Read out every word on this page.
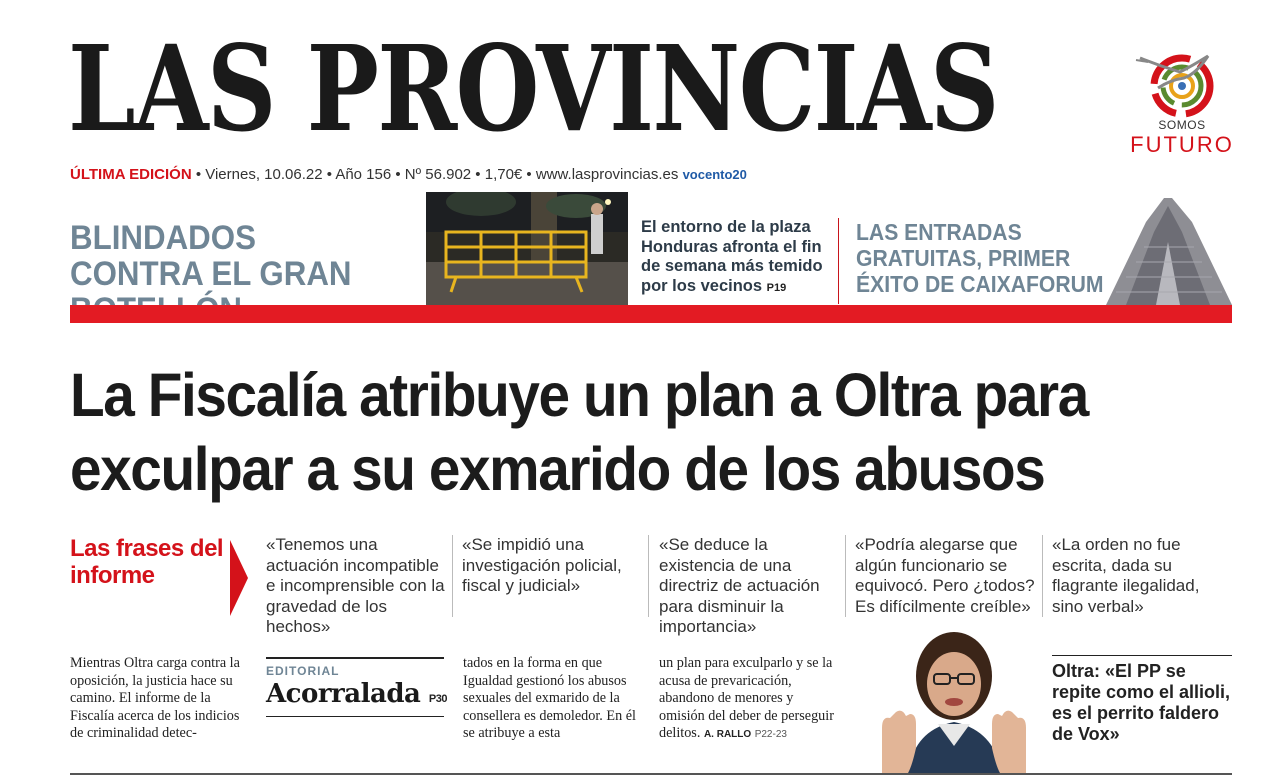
LAS PROVINCIAS
ÚLTIMA EDICIÓN • Viernes, 10.06.22 • Año 156 • Nº 56.902 • 1,70€ • www.lasprovincias.es vocento20
SOMOS
FUTURO
BLINDADOS CONTRA EL GRAN
El entorno de la plaza Honduras afronta el fin de semana más temido por los vecinos P19
LAS ENTRADAS GRATUITAS, PRIMER ÉXITO DE CAIXAFORUM
La Fiscalía atribuye un plan a Oltra para exculpar a su exmarido de los abusos
Las frases del informe
«Tenemos una actuación incompatible e incomprensible con la gravedad de los hechos»
«Se impidió una investigación policial, fiscal y judicial»
«Se deduce la existencia de una directriz de actuación para disminuir la importancia»
«Podría alegarse que algún funcionario se equivocó. Pero ¿todos? Es difícilmente creíble»
«La orden no fue escrita, dada su flagrante ilegalidad, sino verbal»
Mientras Oltra carga contra la oposición, la justicia hace su camino. El informe de la Fiscalía acerca de los indicios de criminalidad detec-
EDITORIAL
Acorralada P30
tados en la forma en que Igualdad gestionó los abusos sexuales del exmarido de la consellera es demoledor. En él se atribuye a esta
un plan para exculparlo y se la acusa de prevaricación, abandono de menores y omisión del deber de perseguir delitos. A. RALLO P22-23
Oltra: «El PP se repite como el allioli, es el perrito faldero de Vox»
